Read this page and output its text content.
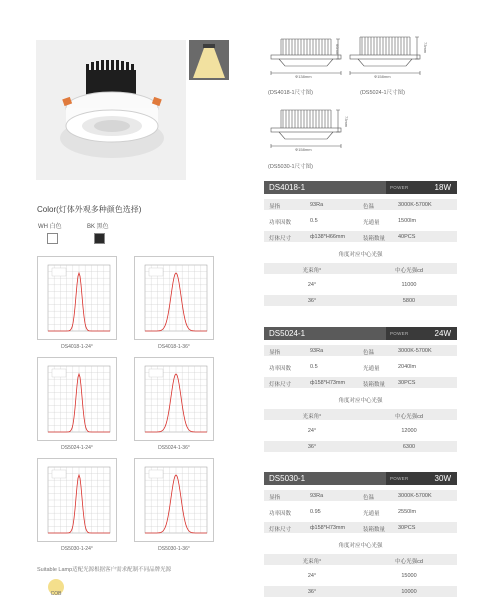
(DS4018-1尺寸图)
Φ138mm
66mm
(DS5024-1尺寸图)
Φ158mm
73mm
(DS5030-1尺寸图)
Φ158mm
73mm
Color(灯体外观多种颜色选择)
WH 白色	BK 黑色
DS4018-1-24°	DS4018-1-36°
DS5024-1-24°	DS5024-1-36°
DS5030-1-24°	DS5030-1-36°
Suitable Lamp适配光源根据客户需求配制不同品牌光源
COB
DS4018-1	POWER	18W
显指	93Ra	色温	3000K-5700K
功率因数	0.5	光通量	1500lm
灯体尺寸	ф138*H66mm	装箱数量 40PCS
角度对应中心光强
光束角°	中心光强cd
24°	11000
36°	5800
DS5024-1	POWER	24W
显指	93Ra	色温	3000K-5700K
功率因数	0.5	光通量	2040lm
灯体尺寸	ф158*H73mm	装箱数量 30PCS
角度对应中心光强
光束角°	中心光强cd
24°	12000
36°	6300
DS5030-1	POWER	30W
显指	93Ra	色温	3000K-5700K
功率因数	0.95	光通量	2550lm
灯体尺寸	ф158*H73mm	装箱数量 30PCS
角度对应中心光强
光束角°	中心光强cd
24°	15000
36°	10000
